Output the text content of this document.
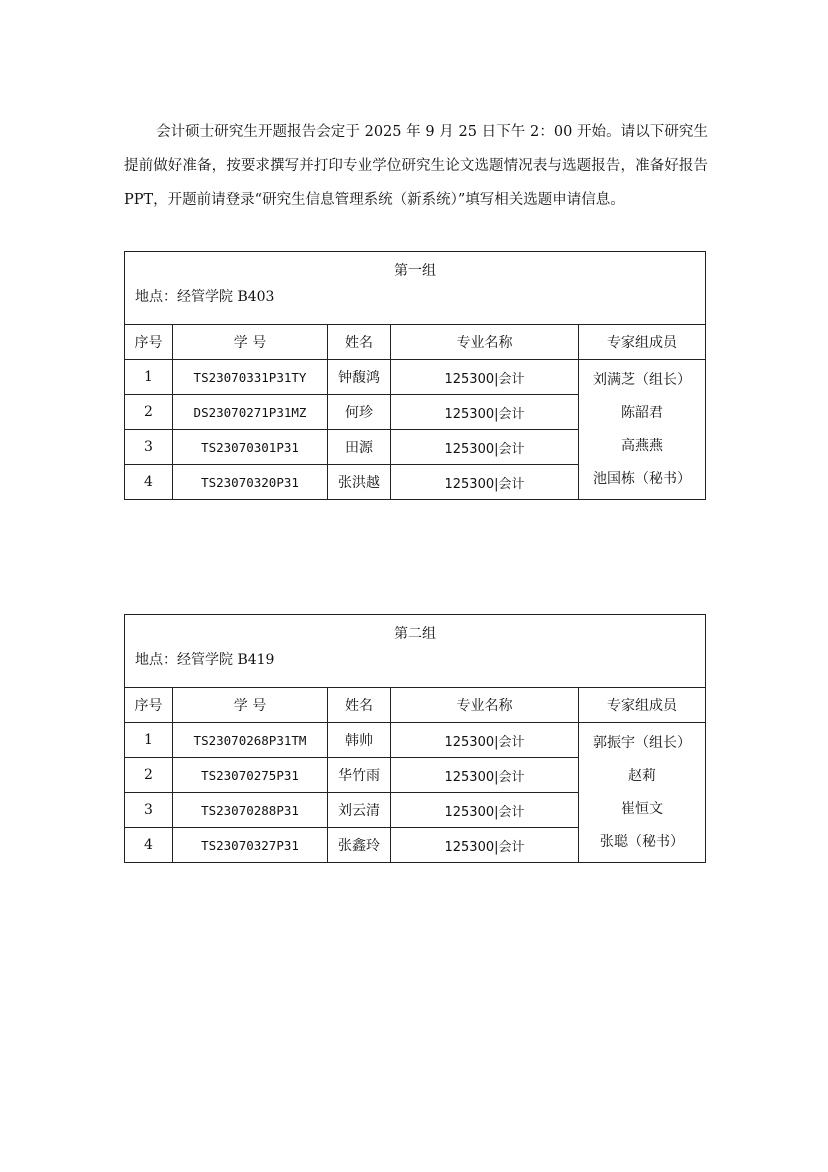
会计硕士研究生开题报告会定于 2025 年 9 月 25 日下午 2：00 开始。请以下研究生提前做好准备，按要求撰写并打印专业学位研究生论文选题情况表与选题报告，准备好报告 PPT，开题前请登录“研究生信息管理系统（新系统）”填写相关选题申请信息。

第一组
地点：经管学院 B403				

序号	学 号	姓名	专业名称	专家组成员
1	TS23070331P31TY	钟馥鸿	125300|会计	刘满芝（组长）
陈韶君
高燕燕
池国栋（秘书）

2	DS23070271P31MZ	何珍	125300|会计	
3	TS23070301P31	田源	125300|会计	
4	TS23070320P31	张洪越	125300|会计	
第二组
地点：经管学院 B419				

序号	学 号	姓名	专业名称	专家组成员
1	TS23070268P31TM	韩帅	125300|会计	郭振宇（组长）
赵莉
崔恒文
张聪（秘书）

2	TS23070275P31	华竹雨	125300|会计	
3	TS23070288P31	刘云清	125300|会计	
4	TS23070327P31	张鑫玲	125300|会计	
